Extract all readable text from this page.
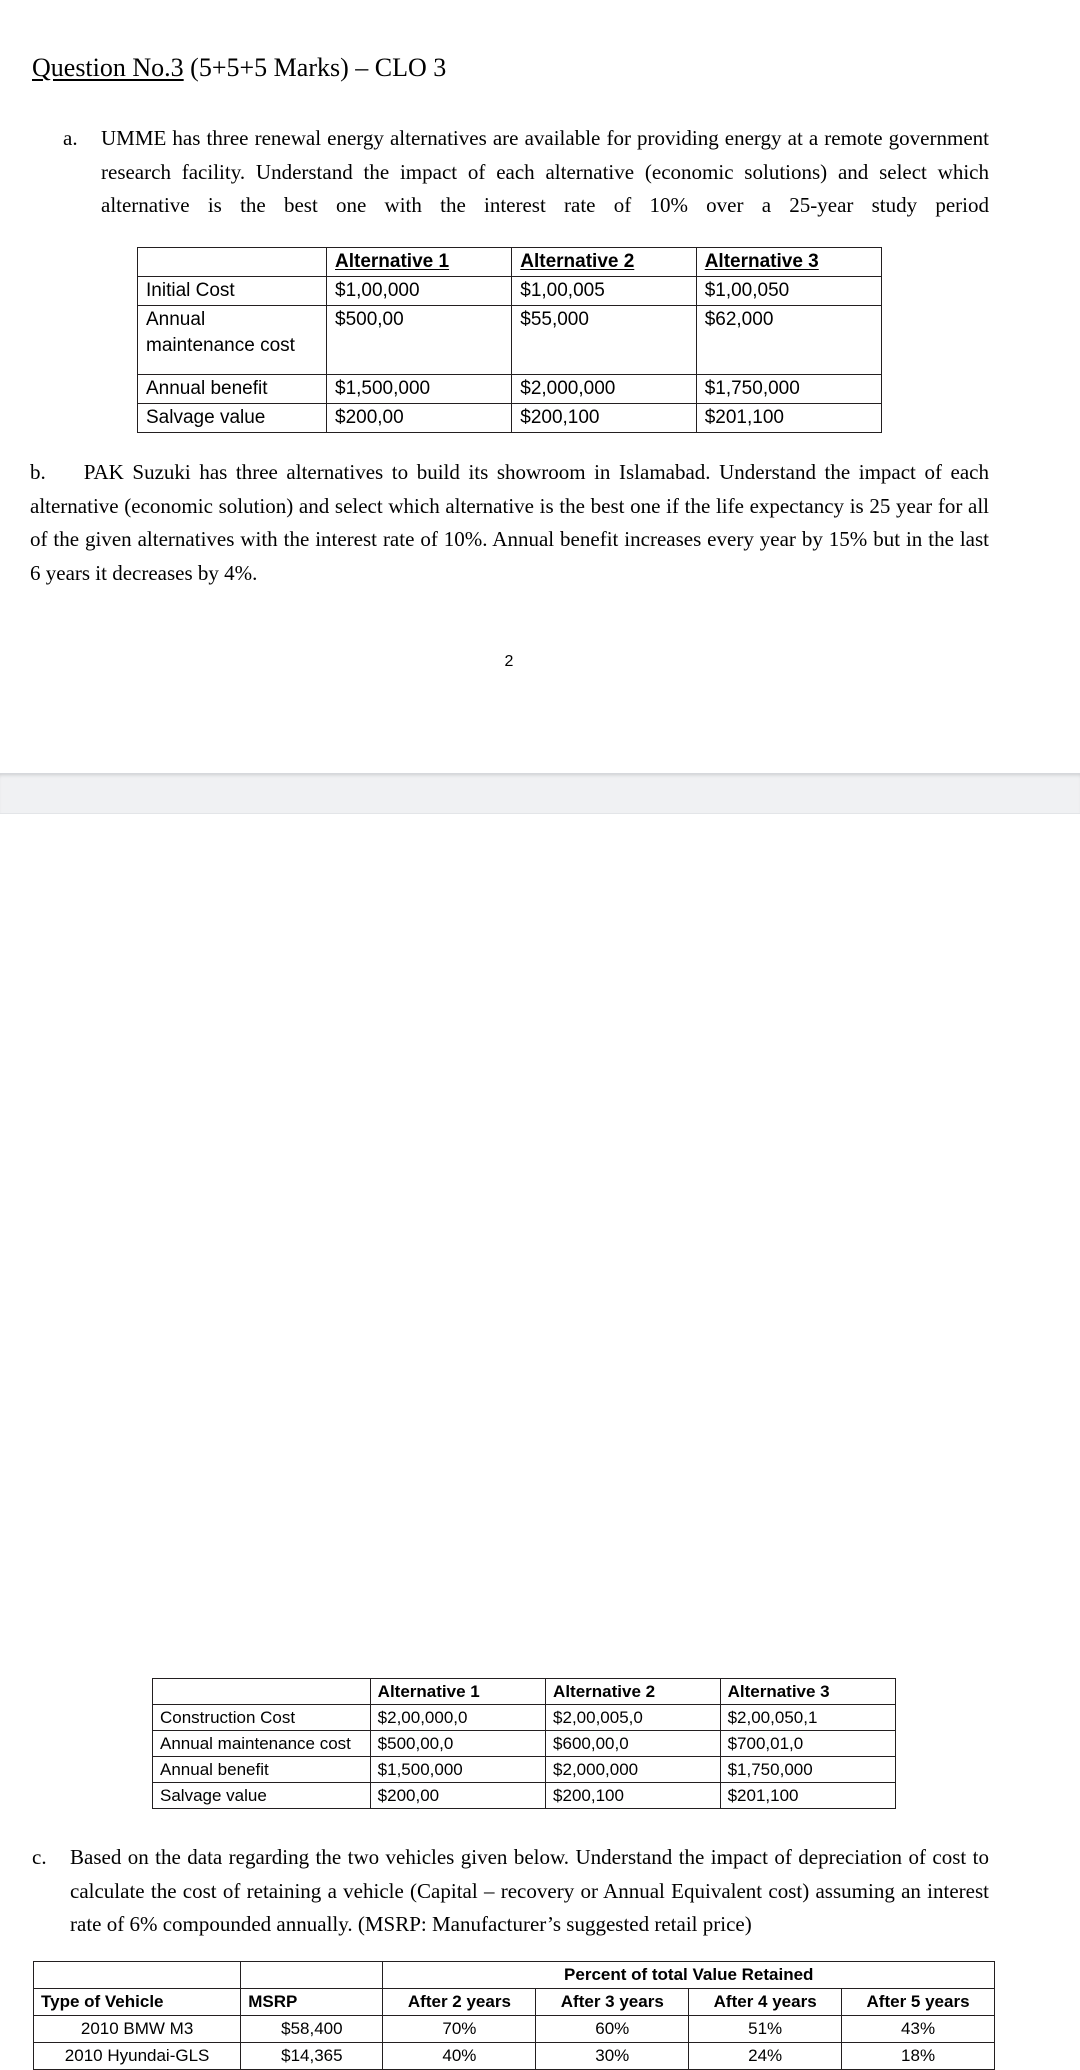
Question No.3 (5+5+5 Marks) – CLO 3
a.	UMME has three renewal energy alternatives are available for providing energy at a remote government research facility. Understand the impact of each alternative (economic solutions) and select which alternative is the best one with the interest rate of 10% over a 25-year study period
	Alternative 1	Alternative 2	Alternative 3
Initial Cost	$1,00,000	$1,00,005	$1,00,050
Annual maintenance cost	$500,00	$55,000	$62,000
Annual benefit	$1,500,000	$2,000,000	$1,750,000
Salvage value	$200,00	$200,100	$201,100
b. PAK Suzuki has three alternatives to build its showroom in Islamabad. Understand the impact of each alternative (economic solution) and select which alternative is the best one if the life expectancy is 25 year for all of the given alternatives with the interest rate of 10%. Annual benefit increases every year by 15% but in the last 6 years it decreases by 4%.
2
	Alternative 1	Alternative 2	Alternative 3
Construction Cost	$2,00,000,0	$2,00,005,0	$2,00,050,1
Annual maintenance cost	$500,00,0	$600,00,0	$700,01,0
Annual benefit	$1,500,000	$2,000,000	$1,750,000
Salvage value	$200,00	$200,100	$201,100
c.	Based on the data regarding the two vehicles given below. Understand the impact of depreciation of cost to calculate the cost of retaining a vehicle (Capital – recovery or Annual Equivalent cost) assuming an interest rate of 6% compounded annually. (MSRP: Manufacturer’s suggested retail price)
		Percent of total Value Retained			
Type of Vehicle	MSRP	After 2 years	After 3 years	After 4 years	After 5 years
2010 BMW M3	$58,400	70%	60%	51%	43%
2010 Hyundai-GLS	$14,365	40%	30%	24%	18%
